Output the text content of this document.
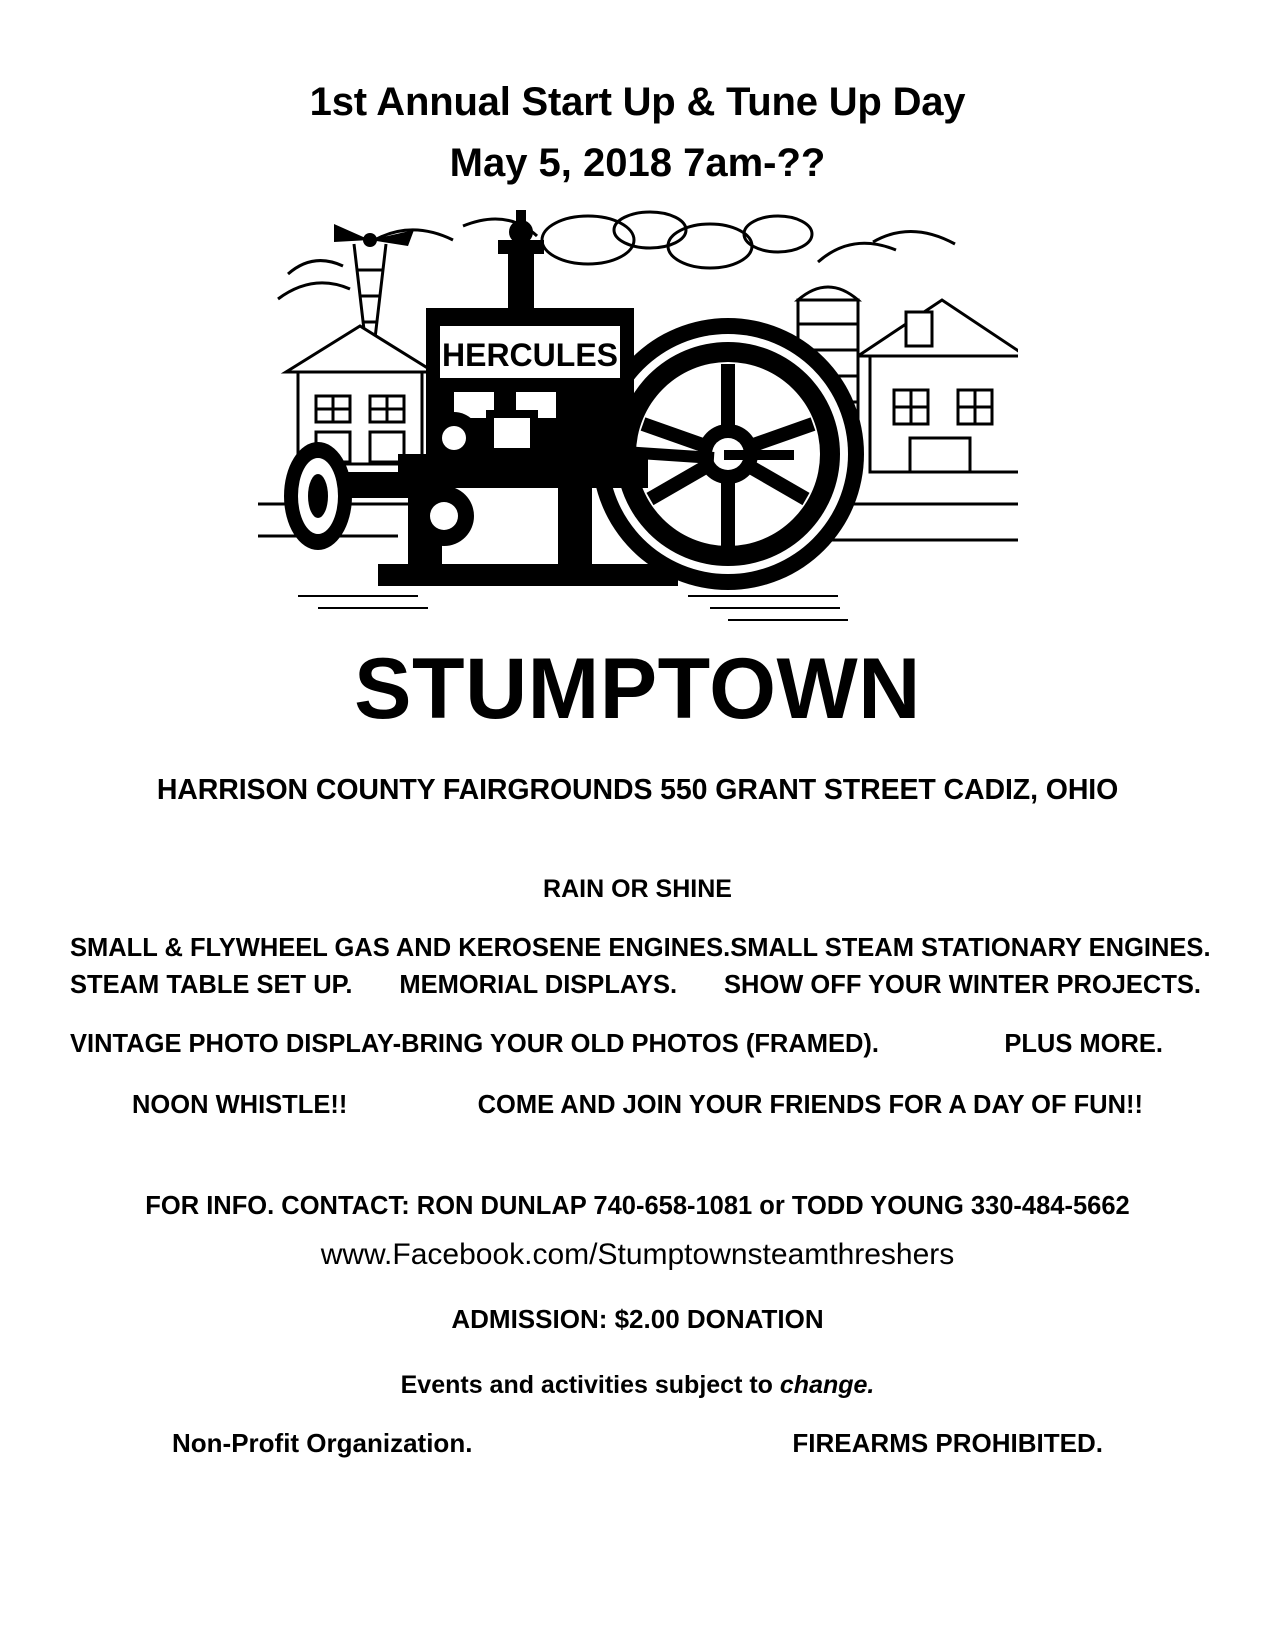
1st Annual Start Up & Tune Up Day
May 5, 2018 7am-??
HERCULES
STUMPTOWN
HARRISON COUNTY FAIRGROUNDS 550 GRANT STREET CADIZ, OHIO
RAIN OR SHINE
SMALL & FLYWHEEL GAS AND KEROSENE ENGINES. SMALL STEAM STATIONARY ENGINES.
STEAM TABLE SET UP. MEMORIAL DISPLAYS. SHOW OFF YOUR WINTER PROJECTS.
VINTAGE PHOTO DISPLAY-BRING YOUR OLD PHOTOS (FRAMED).	PLUS MORE.
NOON WHISTLE!!	COME AND JOIN YOUR FRIENDS FOR A DAY OF FUN!!
FOR INFO. CONTACT: RON DUNLAP 740-658-1081 or TODD YOUNG 330-484-5662
www.Facebook.com/Stumptownsteamthreshers
ADMISSION: $2.00 DONATION
Events and activities subject to change.
Non-Profit Organization.	FIREARMS PROHIBITED.
